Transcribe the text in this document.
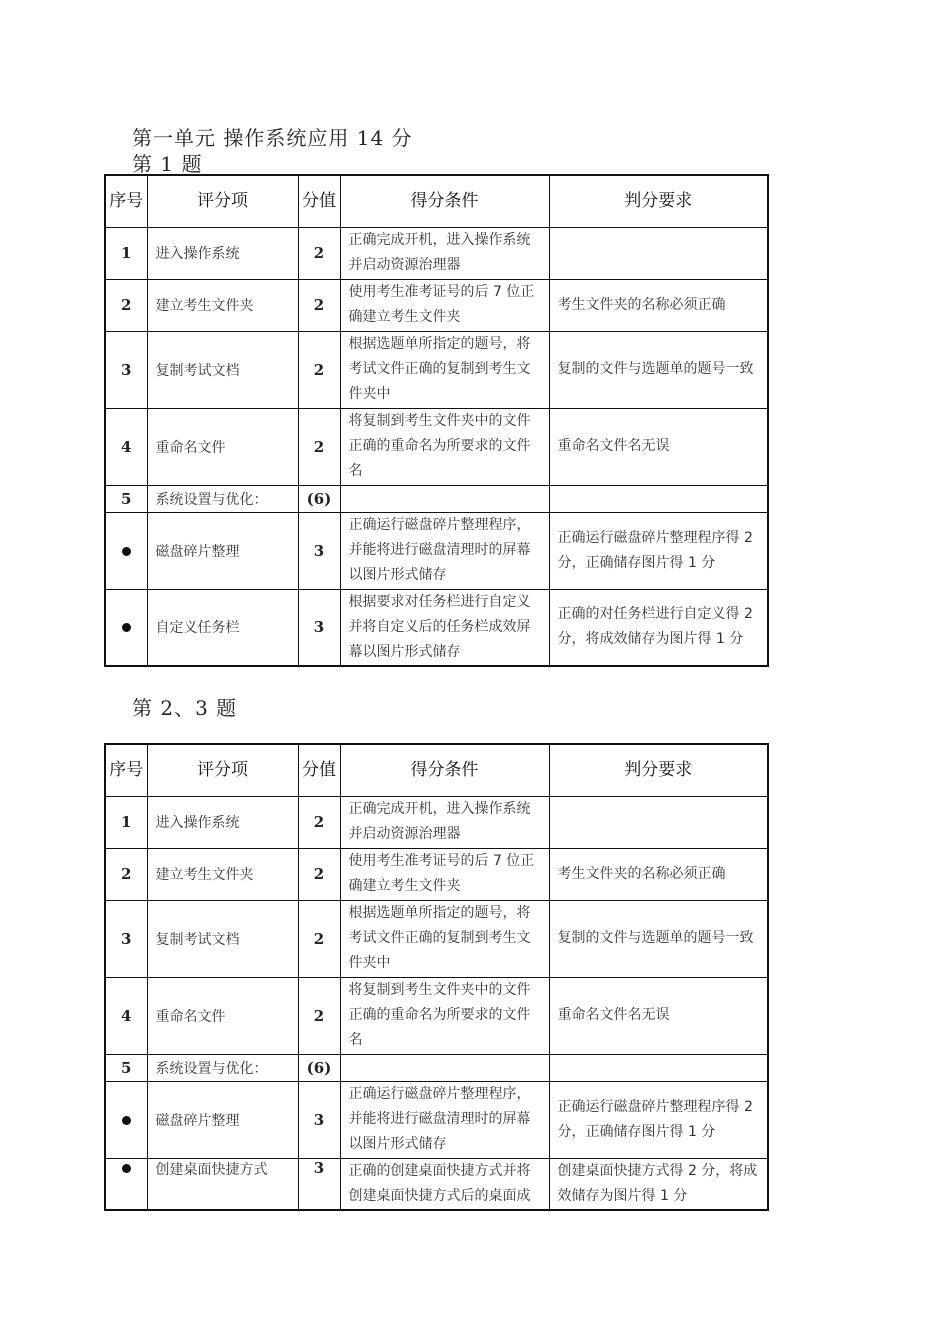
第一单元 操作系统应用 14 分
第 1 题
序号	评分项	分值	得分条件	判分要求
1	进入操作系统	2	正确完成开机，进入操作系统并启动资源治理器	
2	建立考生文件夹	2	使用考生准考证号的后 7 位正确建立考生文件夹	考生文件夹的名称必须正确
3	复制考试文档	2	根据选题单所指定的题号，将考试文件正确的复制到考生文件夹中	复制的文件与选题单的题号一致
4	重命名文件	2	将复制到考生文件夹中的文件正确的重命名为所要求的文件名	重命名文件名无误
5	系统设置与优化：	(6)		
	磁盘碎片整理	3	正确运行磁盘碎片整理程序，并能将进行磁盘清理时的屏幕以图片形式储存	正确运行磁盘碎片整理程序得 2 分，正确储存图片得 1 分
	自定义任务栏	3	根据要求对任务栏进行自定义并将自定义后的任务栏成效屏幕以图片形式储存	正确的对任务栏进行自定义得 2 分，将成效储存为图片得 1 分
第 2、3 题
序号	评分项	分值	得分条件	判分要求
1	进入操作系统	2	正确完成开机，进入操作系统并启动资源治理器	
2	建立考生文件夹	2	使用考生准考证号的后 7 位正确建立考生文件夹	考生文件夹的名称必须正确
3	复制考试文档	2	根据选题单所指定的题号，将考试文件正确的复制到考生文件夹中	复制的文件与选题单的题号一致
4	重命名文件	2	将复制到考生文件夹中的文件正确的重命名为所要求的文件名	重命名文件名无误
5	系统设置与优化：	(6)		
	磁盘碎片整理	3	正确运行磁盘碎片整理程序，并能将进行磁盘清理时的屏幕以图片形式储存	正确运行磁盘碎片整理程序得 2 分，正确储存图片得 1 分
	创建桌面快捷方式	3	正确的创建桌面快捷方式并将创建桌面快捷方式后的桌面成	创建桌面快捷方式得 2 分，将成效储存为图片得 1 分
